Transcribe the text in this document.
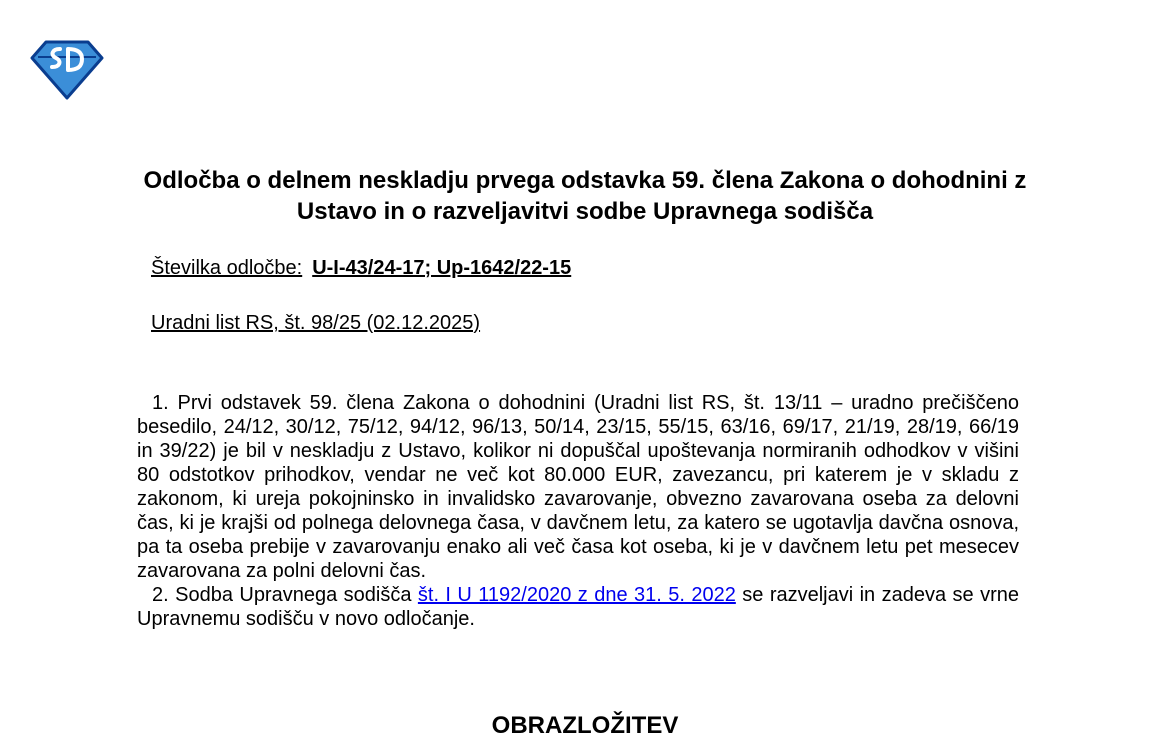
Odločba o delnem neskladju prvega odstavka 59. člena Zakona o dohodnini z Ustavo in o razveljavitvi sodbe Upravnega sodišča

Številka odločbe: U-I-43/24-17; Up-1642/22-15

Uradni list RS, št. 98/25 (02.12.2025)

1. Prvi odstavek 59. člena Zakona o dohodnini (Uradni list RS, št. 13/11 – uradno prečiščeno besedilo, 24/12, 30/12, 75/12, 94/12, 96/13, 50/14, 23/15, 55/15, 63/16, 69/17, 21/19, 28/19, 66/19 in 39/22) je bil v neskladju z Ustavo, kolikor ni dopuščal upoštevanja normiranih odhodkov v višini 80 odstotkov prihodkov, vendar ne več kot 80.000 EUR, zavezancu, pri katerem je v skladu z zakonom, ki ureja pokojninsko in invalidsko zavarovanje, obvezno zavarovana oseba za delovni čas, ki je krajši od polnega delovnega časa, v davčnem letu, za katero se ugotavlja davčna osnova, pa ta oseba prebije v zavarovanju enako ali več časa kot oseba, ki je v davčnem letu pet mesecev zavarovana za polni delovni čas.

2. Sodba Upravnega sodišča št. I U 1192/2020 z dne 31. 5. 2022 se razveljavi in zadeva se vrne Upravnemu sodišču v novo odločanje.

OBRAZLOŽITEV
